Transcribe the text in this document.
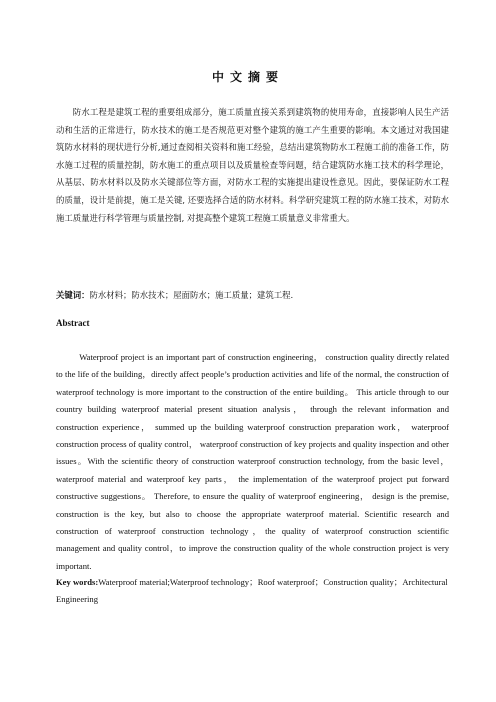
中文摘要

防水工程是建筑工程的重要组成部分，施工质量直接关系到建筑物的使用寿命，直接影响人民生产活动和生活的正常进行，防水技术的施工是否规范更对整个建筑的施工产生重要的影响。本文通过对我国建筑防水材料的现状进行分析,通过查阅相关资料和施工经验，总结出建筑物防水工程施工前的准备工作，防水施工过程的质量控制，防水施工的重点项目以及质量检查等问题，结合建筑防水施工技术的科学理论，从基层、防水材料以及防水关键部位等方面，对防水工程的实施提出建设性意见。因此，要保证防水工程的质量，设计是前提，施工是关键, 还要选择合适的防水材料。科学研究建筑工程的防水施工技术，对防水施工质量进行科学管理与质量控制, 对提高整个建筑工程施工质量意义非常重大。

关键词：防水材料；防水技术；屋面防水；施工质量；建筑工程.

Abstract

Waterproof project is an important part of construction engineering， construction quality directly related to the life of the building，directly affect people’s production activities and life of the normal, the construction of waterproof technology is more important to the construction of the entire building。 This article through to our country building waterproof material present situation analysis， through the relevant information and construction experience， summed up the building waterproof construction preparation work， waterproof construction process of quality control， waterproof construction of key projects and quality inspection and other issues。With the scientific theory of construction waterproof construction technology, from the basic level， waterproof material and waterproof key parts， the implementation of the waterproof project put forward constructive suggestions。 Therefore, to ensure the quality of waterproof engineering， design is the premise, construction is the key, but also to choose the appropriate waterproof material. Scientific research and construction of waterproof construction technology，the quality of waterproof construction scientific management and quality control，to improve the construction quality of the whole construction project is very important.

Key words:Waterproof material;Waterproof technology；Roof waterproof；Construction quality；Architectural Engineering
